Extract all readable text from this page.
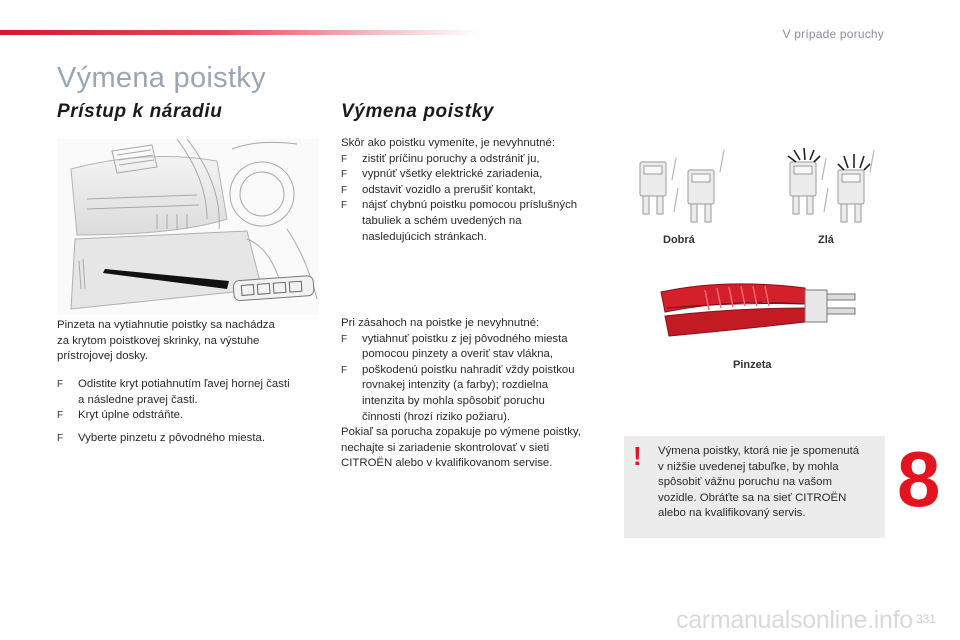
V prípade poruchy
Výmena poistky
Prístup k náradiu
Pinzeta na vytiahnutie poistky sa nachádza
za krytom poistkovej skrinky, na výstuhe
prístrojovej dosky.
F Odistite kryt potiahnutím ľavej hornej časti
a následne pravej časti.
F Kryt úplne odstráňte.
F Vyberte pinzetu z pôvodného miesta.
Výmena poistky
Skôr ako poistku vymeníte, je nevyhnutné:
F zistiť príčinu poruchy a odstrániť ju,
F vypnúť všetky elektrické zariadenia,
F odstaviť vozidlo a prerušiť kontakt,
F nájsť chybnú poistku pomocou príslušných
tabuliek a schém uvedených na
nasledujúcich stránkach.
Pri zásahoch na poistke je nevyhnutné:
F vytiahnuť poistku z jej pôvodného miesta
pomocou pinzety a overiť stav vlákna,
F poškodenú poistku nahradiť vždy poistkou
rovnakej intenzity (a farby); rozdielna
intenzita by mohla spôsobiť poruchu
činnosti (hrozí riziko požiaru).
Pokiaľ sa porucha zopakuje po výmene poistky,
nechajte si zariadenie skontrolovať v sieti
CITROËN alebo v kvalifikovanom servise.
Dobrá	Zlá
Pinzeta
! Výmena poistky, ktorá nie je spomenutá
v nižšie uvedenej tabuľke, by mohla
spôsobiť vážnu poruchu na vašom
vozidle. Obráťte sa na sieť CITROËN
alebo na kvalifikovaný servis.	8
carmanualsonline.info 331
